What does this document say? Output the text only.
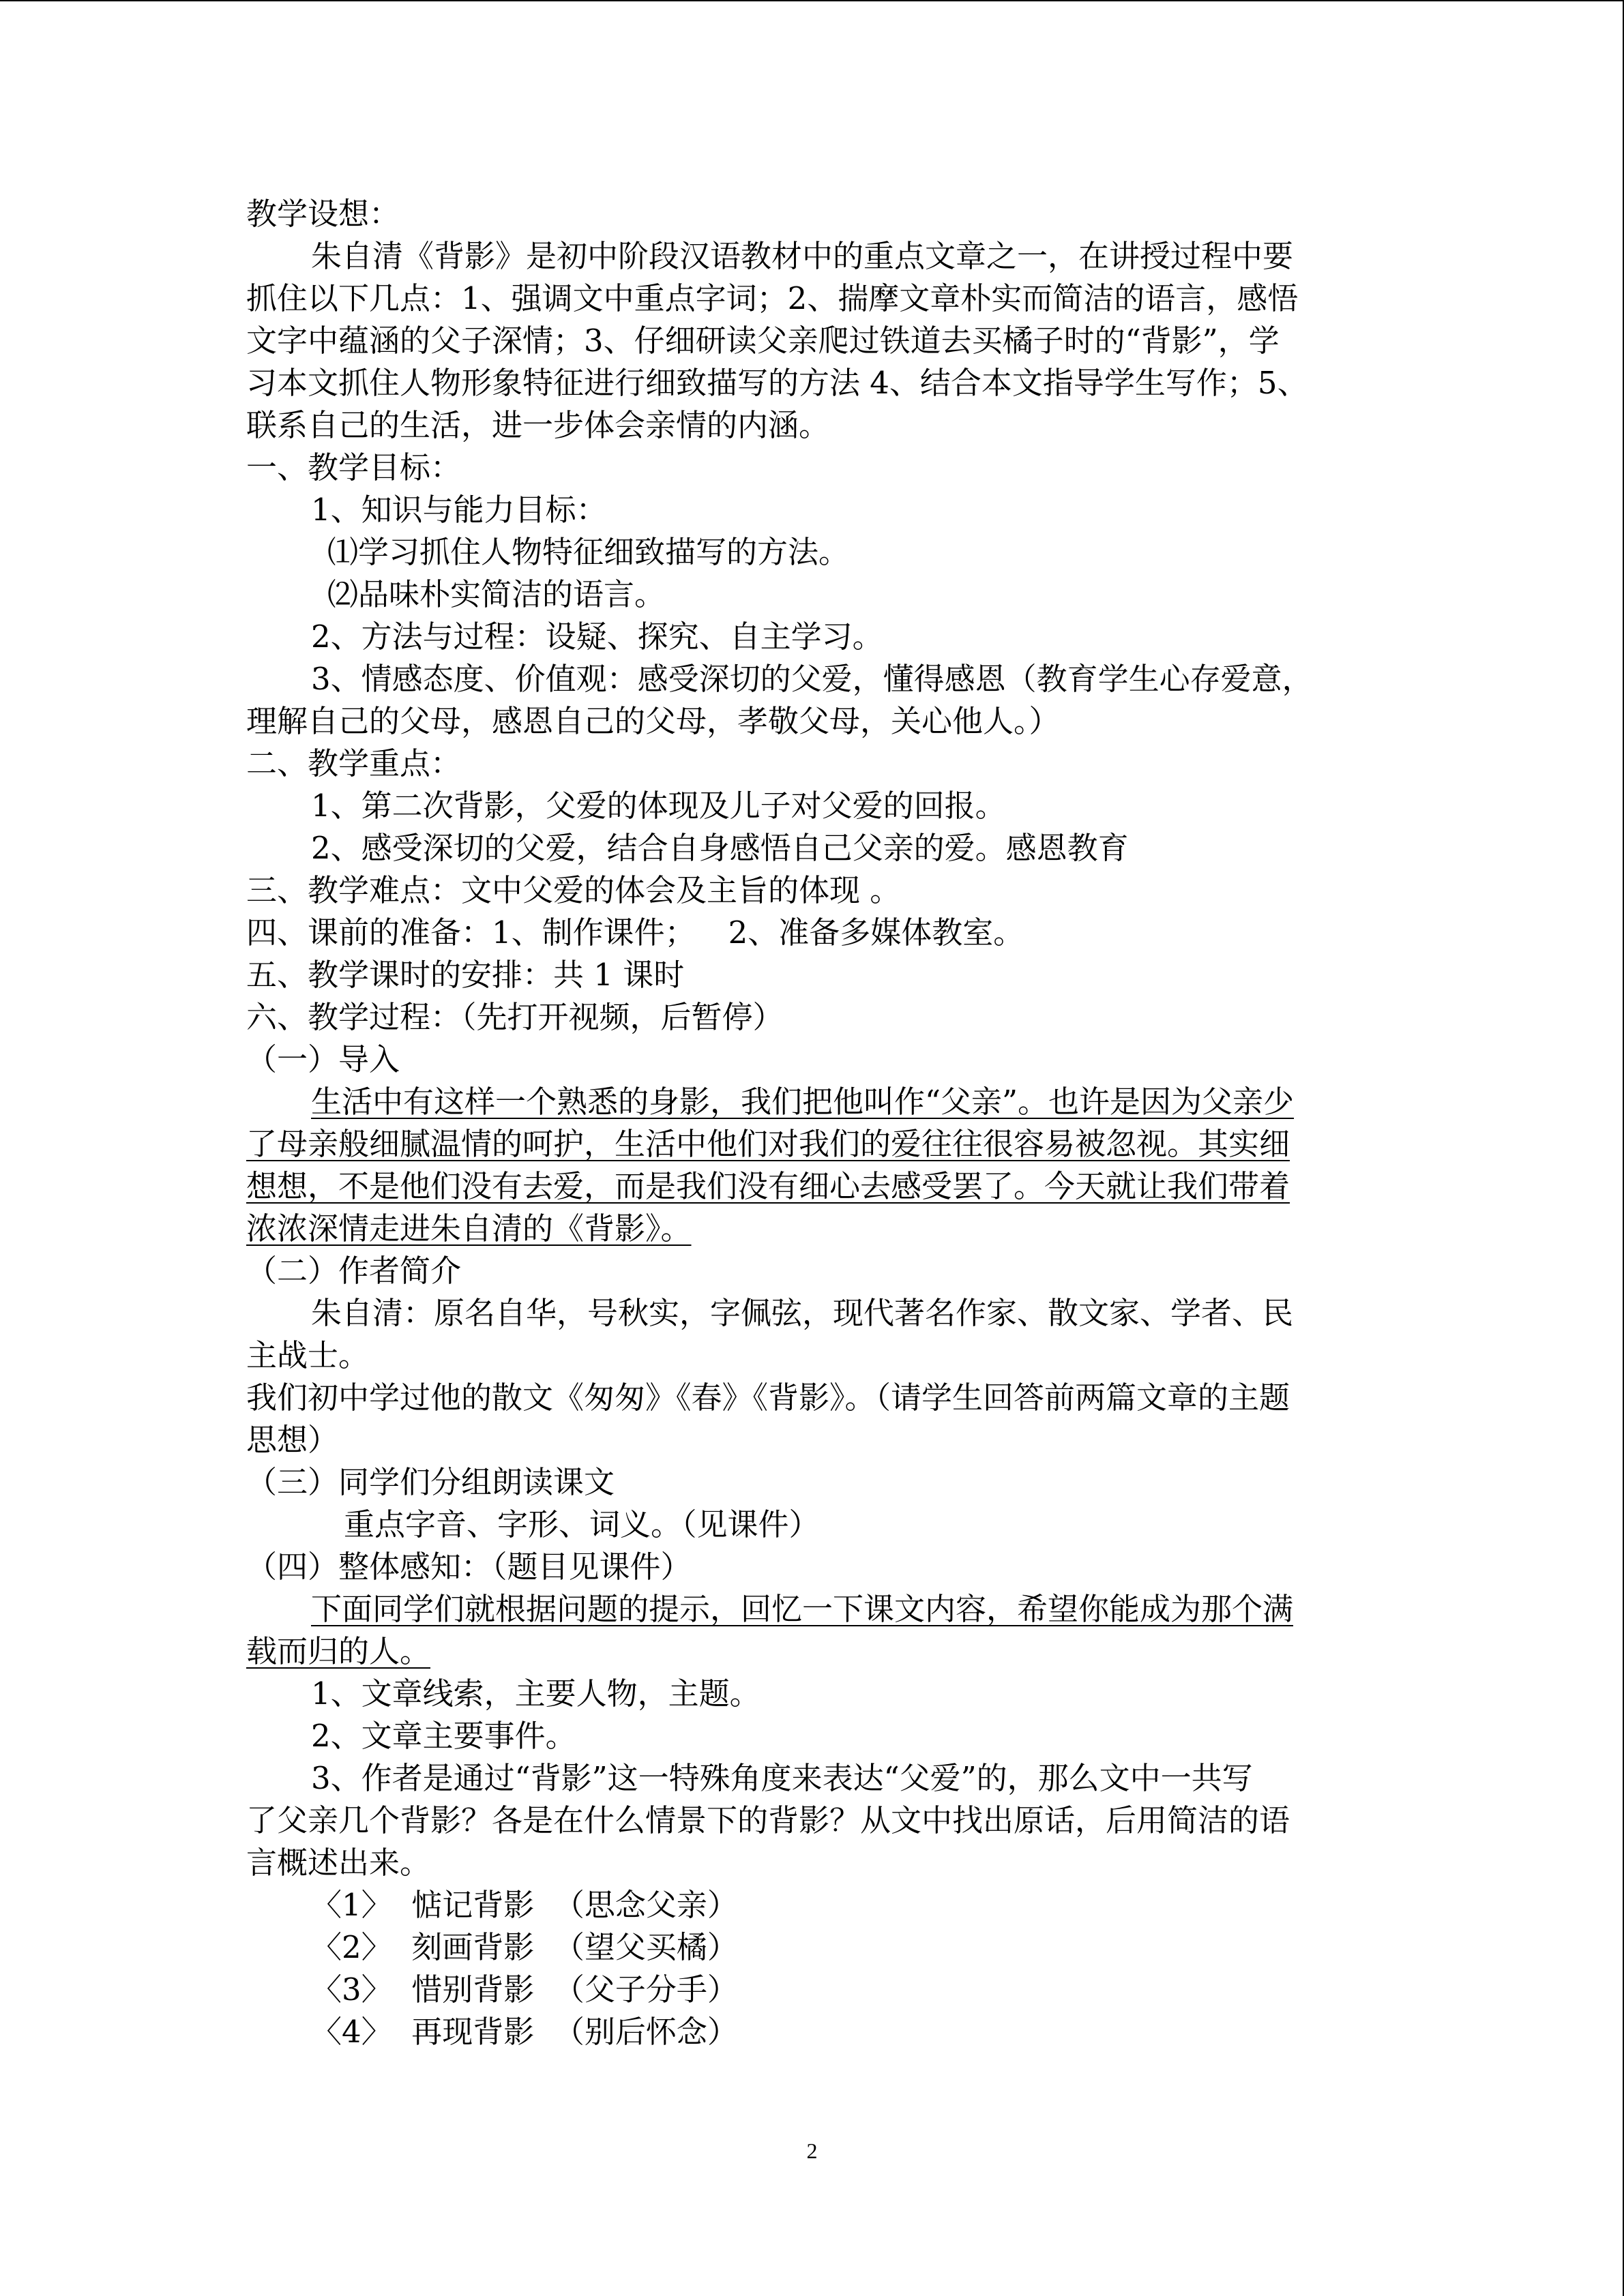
教学设想：
朱自清《背影》是初中阶段汉语教材中的重点文章之一，在讲授过程中要
抓住以下几点：1、强调文中重点字词；2、揣摩文章朴实而简洁的语言，感悟
文字中蕴涵的父子深情；3、仔细研读父亲爬过铁道去买橘子时的“背影”，学
习本文抓住人物形象特征进行细致描写的方法 4、结合本文指导学生写作；5、
联系自己的生活，进一步体会亲情的内涵。
一、教学目标：
1、知识与能力目标：
⑴学习抓住人物特征细致描写的方法。
⑵品味朴实简洁的语言。
2、方法与过程：设疑、探究、自主学习。
3、情感态度、价值观：感受深切的父爱，懂得感恩（教育学生心存爱意，
理解自己的父母，感恩自己的父母，孝敬父母，关心他人。）
二、教学重点：
1、第二次背影，父爱的体现及儿子对父爱的回报。
2、感受深切的父爱，结合自身感悟自己父亲的爱。感恩教育
三、教学难点：文中父爱的体会及主旨的体现 。
四、课前的准备：1、制作课件； 2、准备多媒体教室。
五、教学课时的安排：共 1 课时
六、教学过程：（先打开视频，后暂停）
（一）导入
生活中有这样一个熟悉的身影，我们把他叫作“父亲”。也许是因为父亲少
了母亲般细腻温情的呵护，生活中他们对我们的爱往往很容易被忽视。其实细
想想，不是他们没有去爱，而是我们没有细心去感受罢了。今天就让我们带着
浓浓深情走进朱自清的《背影》。
（二）作者简介
朱自清：原名自华，号秋实，字佩弦，现代著名作家、散文家、学者、民
主战士。
我们初中学过他的散文《匆匆》《春》《背影》。（请学生回答前两篇文章的主题
思想）
（三）同学们分组朗读课文
重点字音、字形、词义。（见课件）
（四）整体感知：（题目见课件）
下面同学们就根据问题的提示，回忆一下课文内容，希望你能成为那个满
载而归的人。
1、文章线索，主要人物，主题。
2、文章主要事件。
3、作者是通过“背影”这一特殊角度来表达“父爱”的，那么文中一共写
了父亲几个背影？各是在什么情景下的背影？从文中找出原话，后用简洁的语
言概述出来。
〈1〉  惦记背影  （思念父亲）
〈2〉  刻画背影  （望父买橘）
〈3〉  惜别背影  （父子分手）
〈4〉  再现背影  （别后怀念）
2
